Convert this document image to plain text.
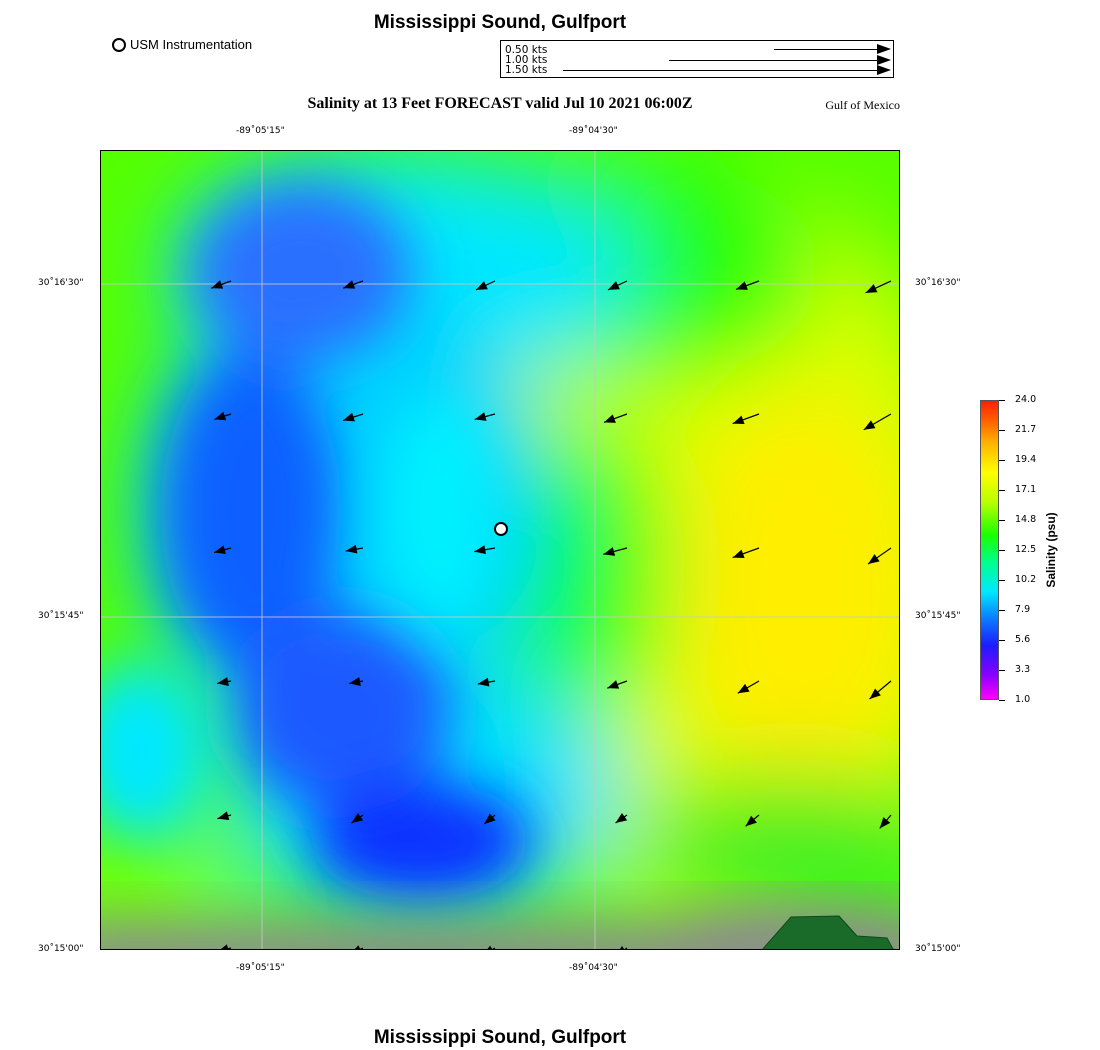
Mississippi Sound, Gulfport
USM Instrumentation	0.50 kts
1.00 kts
1.50 kts
Salinity at 13 Feet FORECAST valid Jul 10 2021 06:00Z	Gulf of Mexico
-89˚05'15"	-89˚04'30"
-89˚05'15"	-89˚04'30"
30˚16'30"
30˚15'45"
30˚15'00"
30˚16'30"
30˚15'45"
30˚15'00"
24.0
21.7
19.4
17.1
14.8
12.5
10.2
7.9
5.6
3.3
1.0
Salinity (psu)
Mississippi Sound, Gulfport
